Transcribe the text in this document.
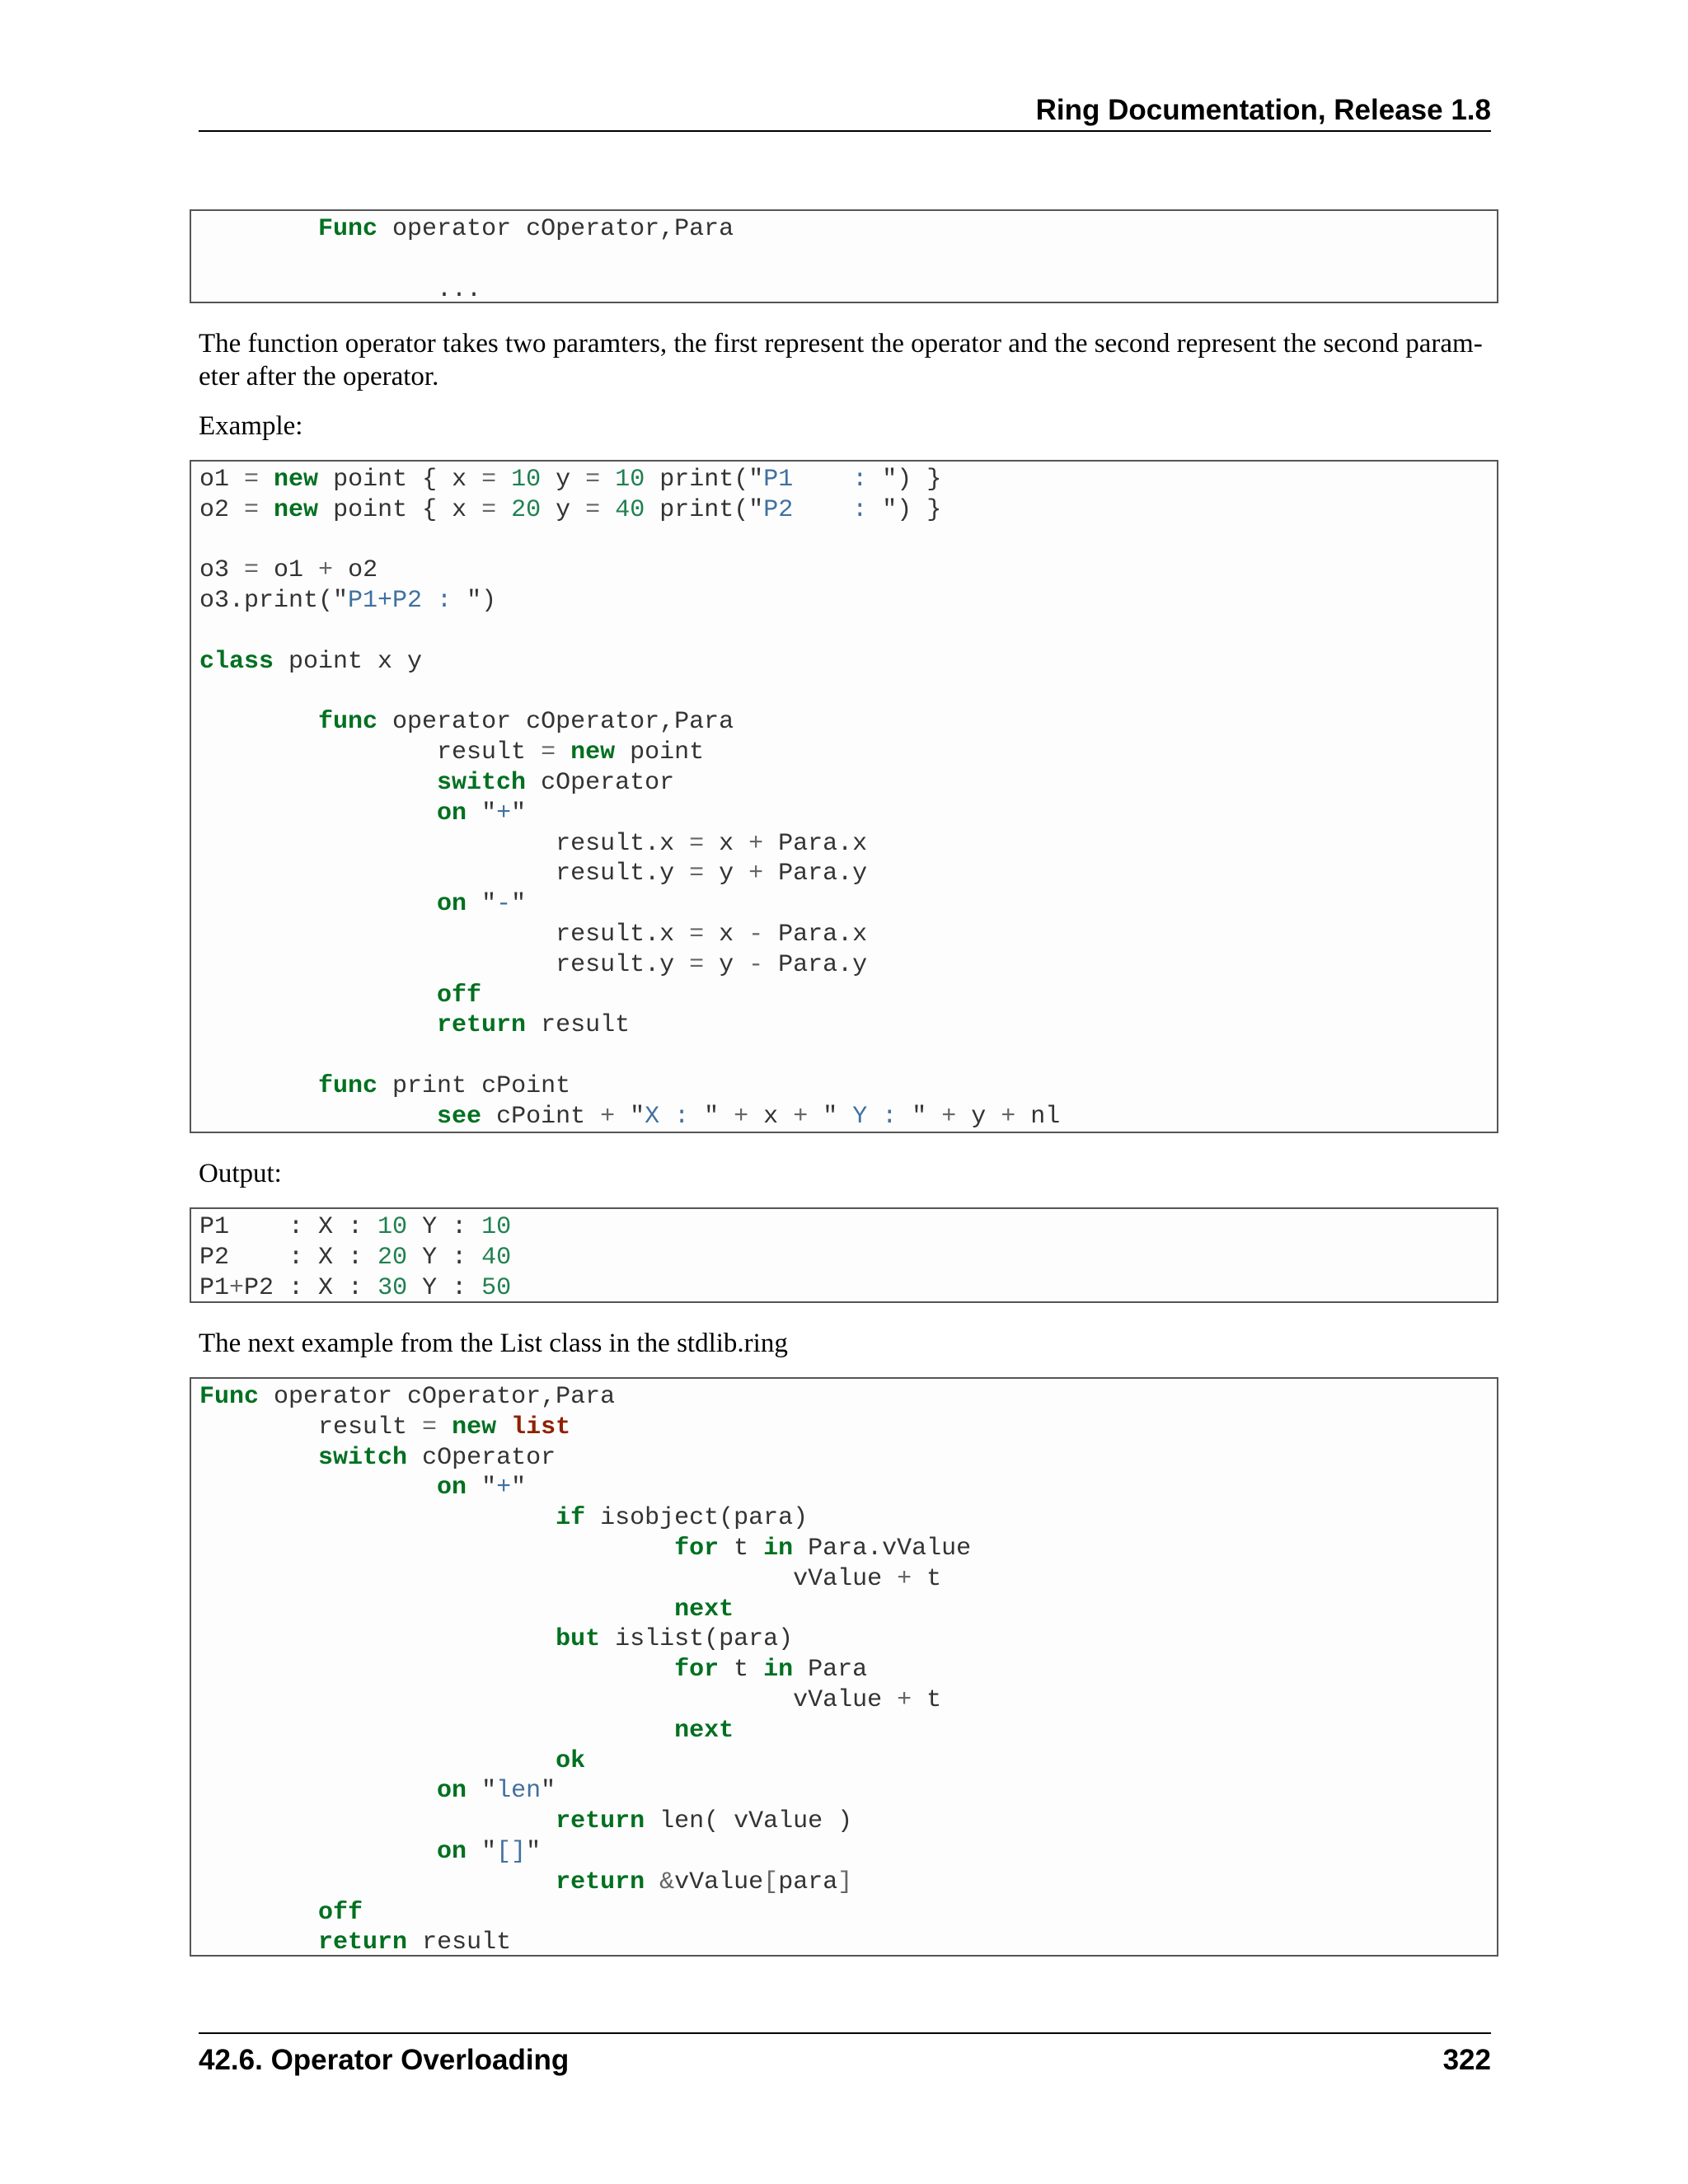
Ring Documentation, Release 1.8
Func operator cOperator,Para

...

The function operator takes two paramters, the first represent the operator and the second represent the second param-eter after the operator.

Example:

o1 = new point { x = 10 y = 10 print("P1    : ") }
o2 = new point { x = 20 y = 40 print("P2    : ") }

o3 = o1 + o2
o3.print("P1+P2 : ")

class point x y

func operator cOperator,Para
result = new point
switch cOperator
on "+"
result.x = x + Para.x
result.y = y + Para.y
on "-"
result.x = x - Para.x
result.y = y - Para.y
off
return result

func print cPoint
see cPoint + "X : " + x + " Y : " + y + nl

Output:

P1    : X : 10 Y : 10
P2    : X : 20 Y : 40
P1+P2 : X : 30 Y : 50

The next example from the List class in the stdlib.ring

Func operator cOperator,Para
result = new list
switch cOperator
on "+"
if isobject(para)
for t in Para.vValue
vValue + t
next
but islist(para)
for t in Para
vValue + t
next
ok
on "len"
return len( vValue )
on "[]"
return &vValue[para]
off
return result
42.6. Operator Overloading	322
